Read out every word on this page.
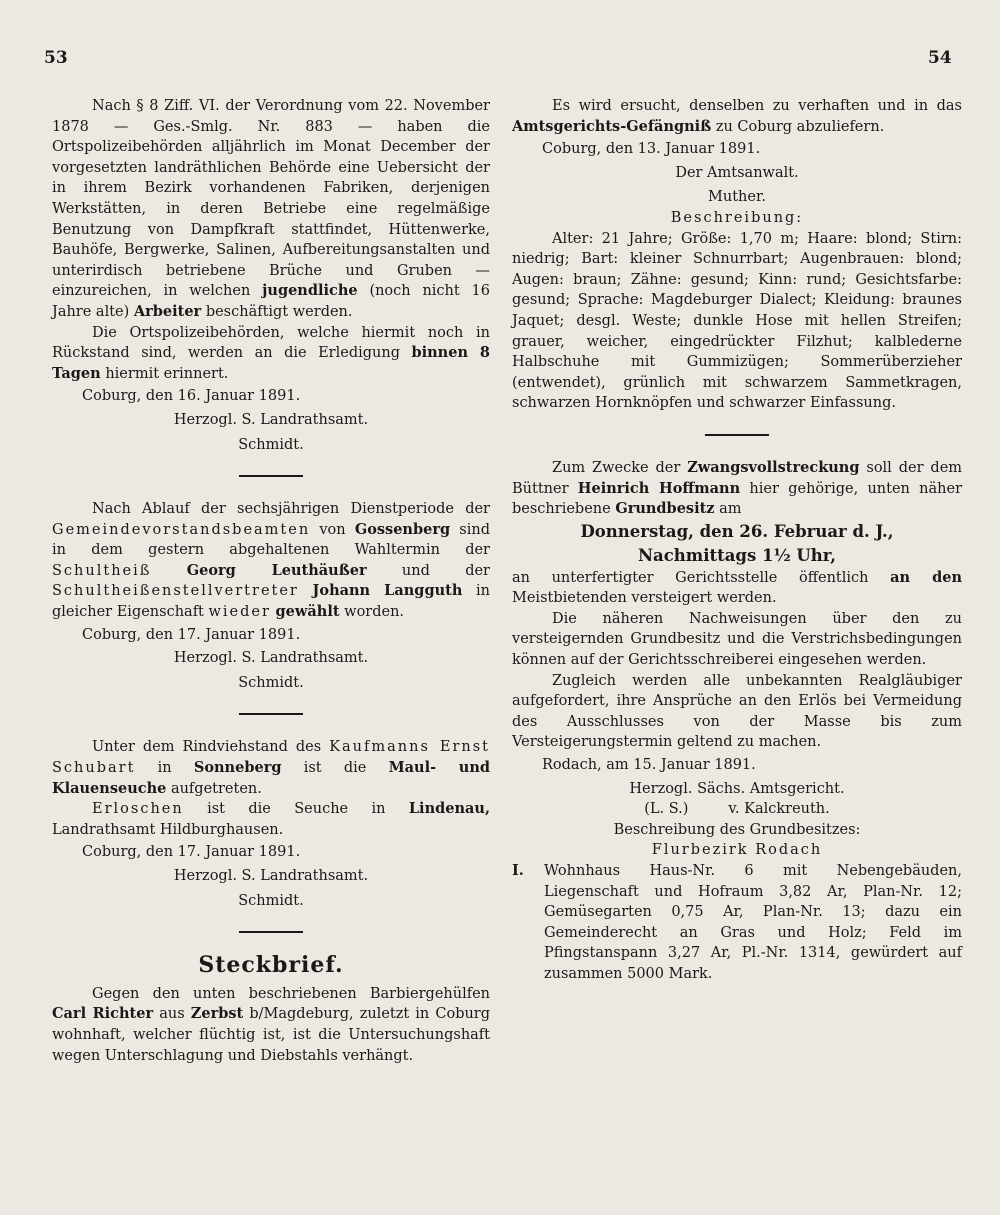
53	54

Nach § 8 Ziff. VI. der Verordnung vom 22. November 1878 — Ges.-Smlg. Nr. 883 — haben die Ortspolizeibehörden alljährlich im Monat December der vorgesetzten landräthlichen Behörde eine Uebersicht der in ihrem Bezirk vorhandenen Fabriken, derjenigen Werkstätten, in deren Betriebe eine regelmäßige Benutzung von Dampfkraft stattfindet, Hüttenwerke, Bauhöfe, Bergwerke, Salinen, Aufbereitungsanstalten und unterirdisch betriebene Brüche und Gruben — einzureichen, in welchen jugendliche (noch nicht 16 Jahre alte) Arbeiter beschäftigt werden.

Die Ortspolizeibehörden, welche hiermit noch in Rückstand sind, werden an die Erledigung binnen 8 Tagen hiermit erinnert.

Coburg, den 16. Januar 1891.

Herzogl. S. Landrathsamt.

Schmidt.

Nach Ablauf der sechsjährigen Dienstperiode der Gemeindevorstandsbeamten von Gossenberg sind in dem gestern abgehaltenen Wahltermin der Schultheiß Georg Leuthäußer und der Schultheißenstellvertreter Johann Langguth in gleicher Eigenschaft wieder gewählt worden.

Coburg, den 17. Januar 1891.

Herzogl. S. Landrathsamt.

Schmidt.

Unter dem Rindviehstand des Kaufmanns Ernst Schubart in Sonneberg ist die Maul- und Klauenseuche aufgetreten.

Erloschen ist die Seuche in Lindenau, Landrathsamt Hildburghausen.

Coburg, den 17. Januar 1891.

Herzogl. S. Landrathsamt.

Schmidt.

Steckbrief.

Gegen den unten beschriebenen Barbiergehülfen Carl Richter aus Zerbst b/Magdeburg, zuletzt in Coburg wohnhaft, welcher flüchtig ist, ist die Untersuchungshaft wegen Unterschlagung und Diebstahls verhängt.

Es wird ersucht, denselben zu verhaften und in das Amtsgerichts-Gefängniß zu Coburg abzuliefern.

Coburg, den 13. Januar 1891.

Der Amtsanwalt.

Muther.

Beschreibung:

Alter: 21 Jahre; Größe: 1,70 m; Haare: blond; Stirn: niedrig; Bart: kleiner Schnurrbart; Augenbrauen: blond; Augen: braun; Zähne: gesund; Kinn: rund; Gesichtsfarbe: gesund; Sprache: Magdeburger Dialect; Kleidung: braunes Jaquet; desgl. Weste; dunkle Hose mit hellen Streifen; grauer, weicher, eingedrückter Filzhut; kalblederne Halbschuhe mit Gummizügen; Sommerüberzieher (entwendet), grünlich mit schwarzem Sammetkragen, schwarzen Hornknöpfen und schwarzer Einfassung.

Zum Zwecke der Zwangsvollstreckung soll der dem Büttner Heinrich Hoffmann hier gehörige, unten näher beschriebene Grundbesitz am

Donnerstag, den 26. Februar d. J.,

Nachmittags 1½ Uhr,

an unterfertigter Gerichtsstelle öffentlich an den Meistbietenden versteigert werden.

Die näheren Nachweisungen über den zu versteigernden Grundbesitz und die Verstrichsbedingungen können auf der Gerichtsschreiberei eingesehen werden.

Zugleich werden alle unbekannten Realgläubiger aufgefordert, ihre Ansprüche an den Erlös bei Vermeidung des Ausschlusses von der Masse bis zum Versteigerungstermin geltend zu machen.

Rodach, am 15. Januar 1891.

Herzogl. Sächs. Amtsgericht.

(L. S.)	v. Kalckreuth.

Beschreibung des Grundbesitzes:

Flurbezirk Rodach

I.	Wohnhaus Haus-Nr. 6 mit Nebengebäuden, Liegenschaft und Hofraum 3,82 Ar, Plan-Nr. 12; Gemüsegarten 0,75 Ar, Plan-Nr. 13; dazu ein Gemeinderecht an Gras und Holz; Feld im Pfingstanspann 3,27 Ar, Pl.-Nr. 1314, gewürdert auf zusammen 5000 Mark.
